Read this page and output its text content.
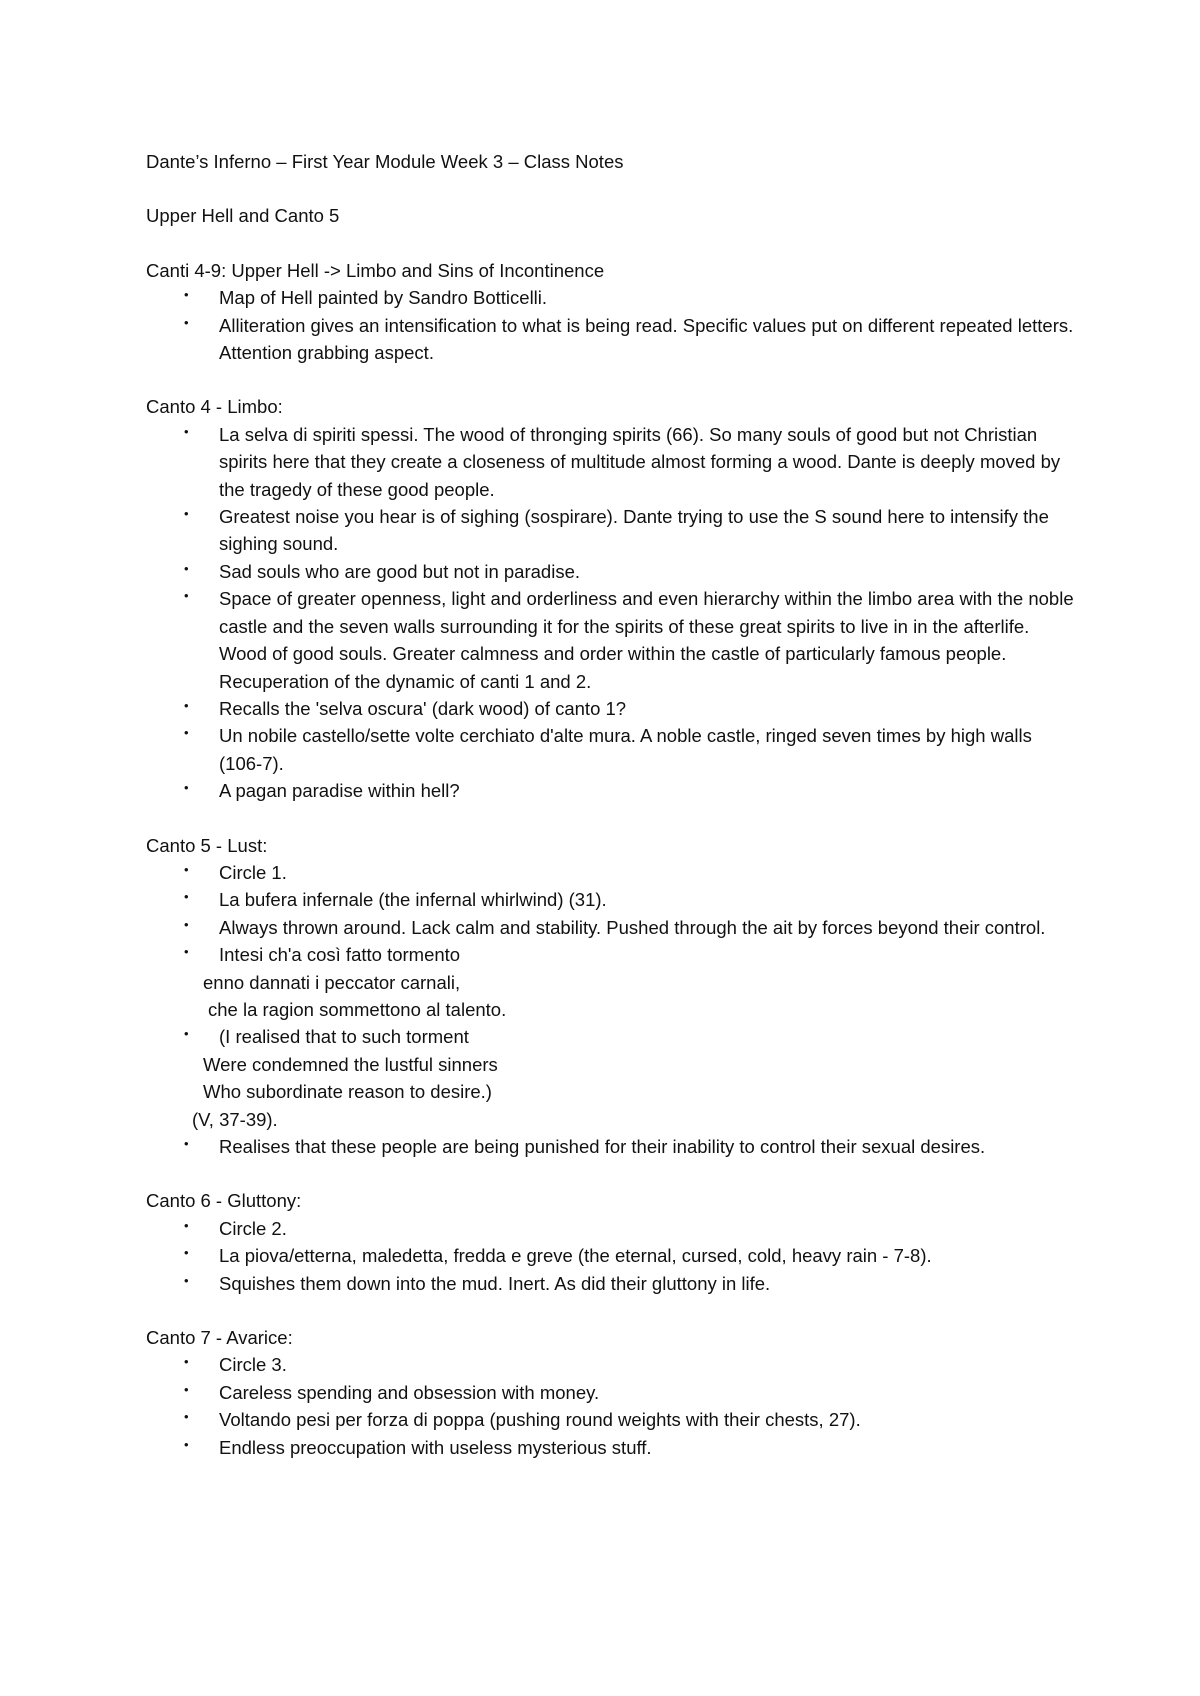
Dante’s Inferno – First Year Module Week 3 – Class Notes

Upper Hell and Canto 5

Canti 4-9: Upper Hell -> Limbo and Sins of Incontinence

• Map of Hell painted by Sandro Botticelli.
• Alliteration gives an intensification to what is being read. Specific values put on different repeated letters. Attention grabbing aspect.

Canto 4 - Limbo:

• La selva di spiriti spessi. The wood of thronging spirits (66). So many souls of good but not Christian spirits here that they create a closeness of multitude almost forming a wood. Dante is deeply moved by the tragedy of these good people.
• Greatest noise you hear is of sighing (sospirare). Dante trying to use the S sound here to intensify the sighing sound.
• Sad souls who are good but not in paradise.
• Space of greater openness, light and orderliness and even hierarchy within the limbo area with the noble castle and the seven walls surrounding it for the spirits of these great spirits to live in in the afterlife. Wood of good souls. Greater calmness and order within the castle of particularly famous people. Recuperation of the dynamic of canti 1 and 2.
• Recalls the 'selva oscura' (dark wood) of canto 1?
• Un nobile castello/sette volte cerchiato d'alte mura. A noble castle, ringed seven times by high walls (106-7).
• A pagan paradise within hell?

Canto 5 - Lust:

• Circle 1.
• La bufera infernale (the infernal whirlwind) (31).
• Always thrown around. Lack calm and stability. Pushed through the ait by forces beyond their control.
• Intesi ch'a così fatto tormento
enno dannati i peccator carnali,
che la ragion sommettono al talento.
• (I realised that to such torment
Were condemned the lustful sinners
Who subordinate reason to desire.)
(V, 37-39).
• Realises that these people are being punished for their inability to control their sexual desires.

Canto 6 - Gluttony:

• Circle 2.
• La piova/etterna, maledetta, fredda e greve (the eternal, cursed, cold, heavy rain - 7-8).
• Squishes them down into the mud. Inert. As did their gluttony in life.

Canto 7 - Avarice:

• Circle 3.
• Careless spending and obsession with money.
• Voltando pesi per forza di poppa (pushing round weights with their chests, 27).
• Endless preoccupation with useless mysterious stuff.
